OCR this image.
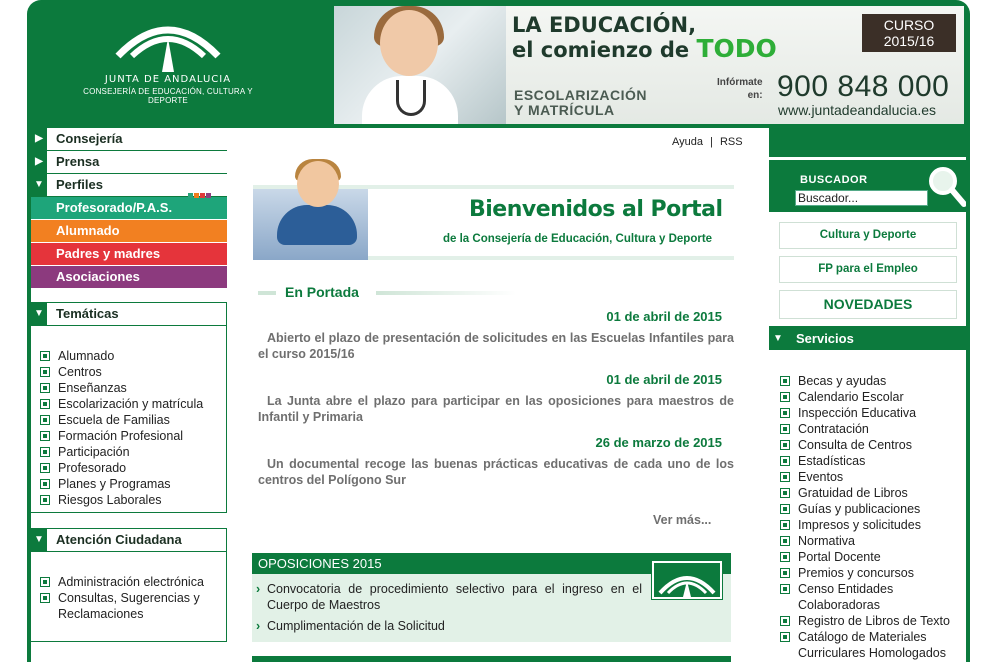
JUNTA DE ANDALUCIA
CONSEJERÍA DE EDUCACIÓN, CULTURA Y DEPORTE
LA EDUCACIÓN,
el comienzo de TODO
CURSO
2015/16
ESCOLARIZACIÓN
Y MATRÍCULA
Infórmate
en: 900 848 000
www.juntadeandalucia.es
▶	Consejería
▶	Prensa
▼ Perfiles
Profesorado/P.A.S.
Alumnado
Padres y madres
Asociaciones
▼ Temáticas
Alumnado
Centros
Enseñanzas
Escolarización y matrícula
Escuela de Familias
Formación Profesional
Participación
Profesorado
Planes y Programas
Riesgos Laborales
▼ Atención Ciudadana
Administración electrónica
Consultas, Sugerencias y Reclamaciones
Ayuda | RSS
Bienvenidos al Portal
de la Consejería de Educación, Cultura y Deporte
En Portada
01 de abril de 2015
Abierto el plazo de presentación de solicitudes en las Escuelas Infantiles para el curso 2015/16
01 de abril de 2015
La Junta abre el plazo para participar en las oposiciones para maestros de Infantil y Primaria
26 de marzo de 2015
Un documental recoge las buenas prácticas educativas de cada uno de los centros del Polígono Sur
Ver más...
OPOSICIONES 2015
› Convocatoria de procedimiento selectivo para el ingreso en el Cuerpo de Maestros
› Cumplimentación de la Solicitud
BUSCADOR
Buscador...
Cultura y Deporte
FP para el Empleo
NOVEDADES
▼	Servicios
Becas y ayudas
Calendario Escolar
Inspección Educativa
Contratación
Consulta de Centros
Estadísticas
Eventos
Gratuidad de Libros
Guías y publicaciones
Impresos y solicitudes
Normativa
Portal Docente
Premios y concursos
Censo Entidades Colaboradoras
Registro de Libros de Texto
Catálogo de Materiales Curriculares Homologados
